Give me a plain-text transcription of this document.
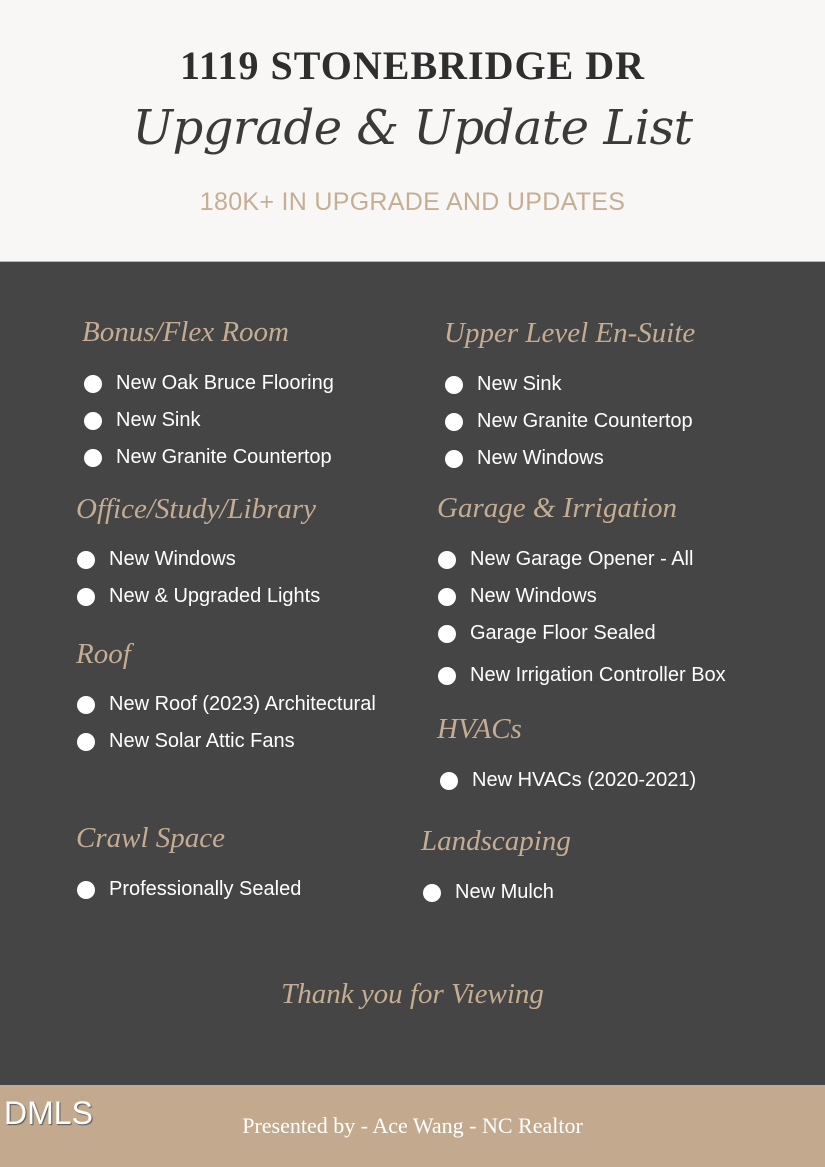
1119 STONEBRIDGE DR
Upgrade & Update List
180K+ IN UPGRADE AND UPDATES
Bonus/Flex Room
New Oak Bruce Flooring
New Sink
New Granite Countertop
Office/Study/Library
New Windows
New & Upgraded Lights
Roof
New Roof (2023) Architectural
New Solar Attic Fans
Crawl Space
Professionally Sealed
Upper Level En-Suite
New Sink
New Granite Countertop
New Windows
Garage & Irrigation
New Garage Opener - All
New Windows
Garage Floor Sealed
New Irrigation Controller Box
HVACs
New HVACs (2020-2021)
Landscaping
New Mulch
Thank you for Viewing
DMLS	Presented by - Ace Wang - NC Realtor
